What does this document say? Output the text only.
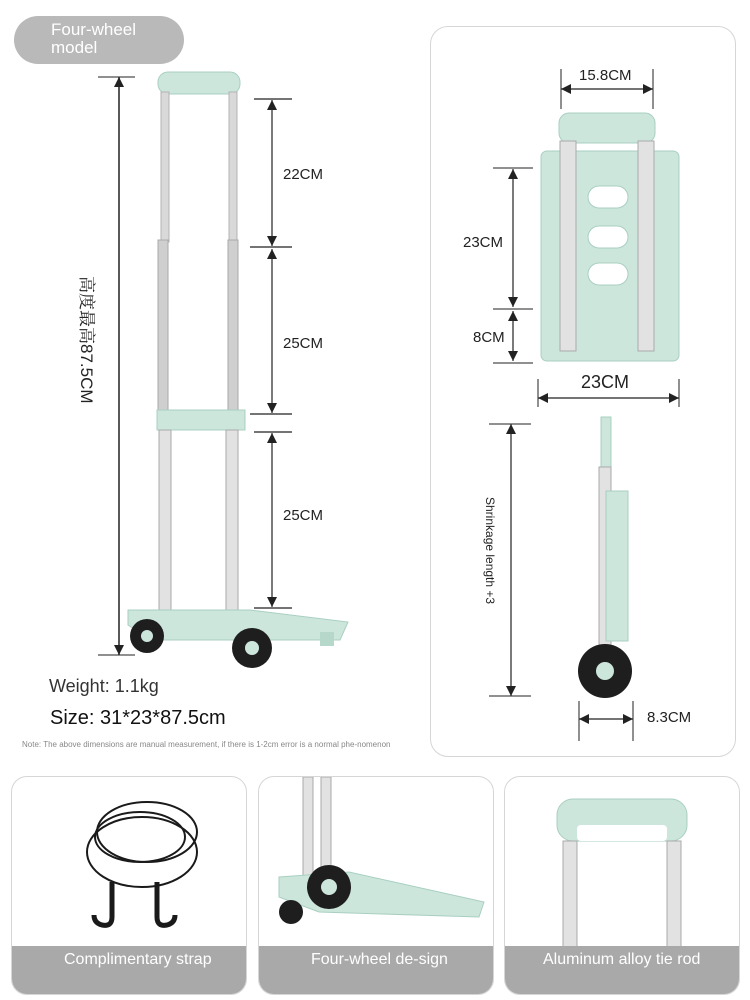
Four-wheel model
22CM
25CM
25CM
高度最高87.5CM
Weight: 1.1kg
Size: 31*23*87.5cm
Note: The above dimensions are manual measurement, if there is 1-2cm error is a normal phe-nomenon
15.8CM
23CM
8CM
23CM
Shrinkage length +3
8.3CM
Complimentary strap	Four-wheel de-sign	Aluminum alloy tie rod
